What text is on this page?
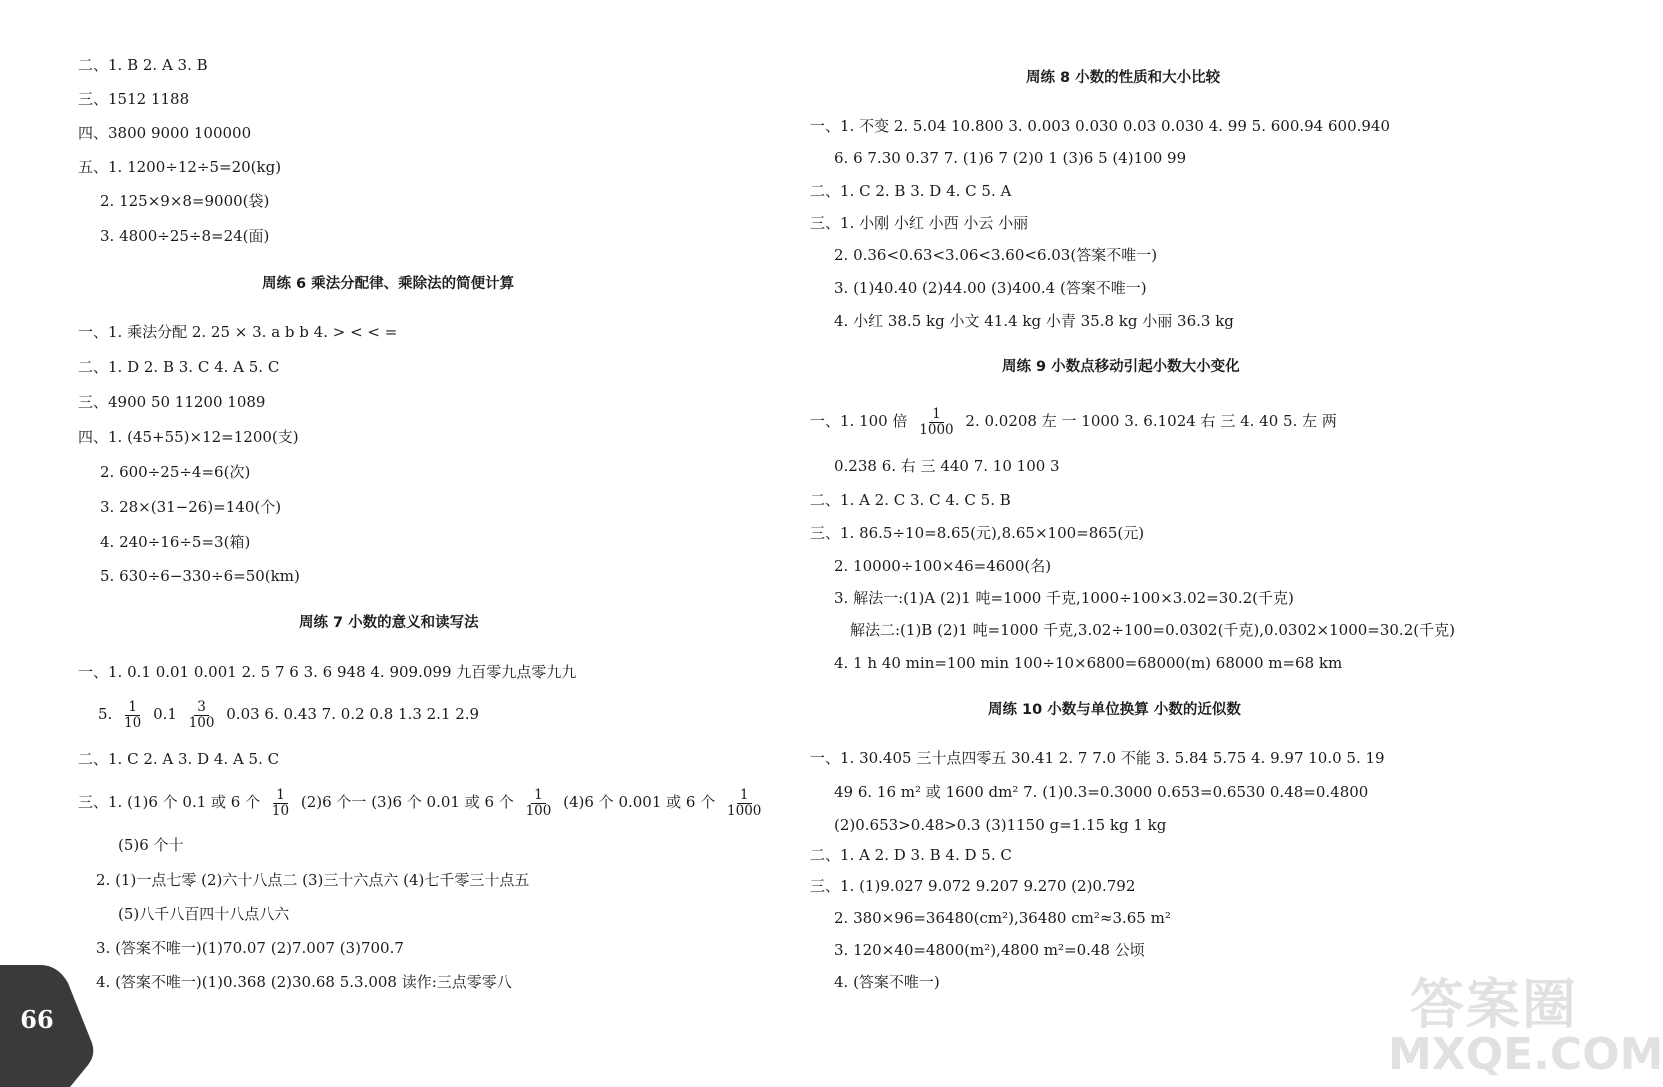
二、1. B 2. A 3. B
三、1512 1188
四、3800 9000 100000
五、1. 1200÷12÷5=20(kg)
2. 125×9×8=9000(袋)
3. 4800÷25÷8=24(面)
周练 6 乘法分配律、乘除法的简便计算
一、1. 乘法分配 2. 25 × 3. a b b 4. > < < =
二、1. D 2. B 3. C 4. A 5. C
三、4900 50 11200 1089
四、1. (45+55)×12=1200(支)
2. 600÷25÷4=6(次)
3. 28×(31−26)=140(个)
4. 240÷16÷5=3(箱)
5. 630÷6−330÷6=50(km)
周练 7 小数的意义和读写法
一、1. 0.1 0.01 0.001 2. 5 7 6 3. 6 948 4. 909.099 九百零九点零九九
5. $\frac{1}{10} 0.1 \frac{3}{100} 0.03$ 6. 0.43 7. 0.2 0.8 1.3 2.1 2.9
二、1. C 2. A 3. D 4. A 5. C
三、1. (1)6 个 0.1 或 6 个 $\frac{1}{10} (2)6$ 个一 (3)6 个 0.01 或 6 个 $\frac{1}{100} (4)6$ 个 0.001 或 6 个 $\frac{1}{1000}$
(5)6 个十
2. (1)一点七零 (2)六十八点二 (3)三十六点六 (4)七千零三十点五
(5)八千八百四十八点八六
3. (答案不唯一)(1)70.07 (2)7.007 (3)700.7
4. (答案不唯一)(1)0.368 (2)30.68 5.3.008 读作:三点零零八
周练 8 小数的性质和大小比较
一、1. 不变 2. 5.04 10.800 3. 0.003 0.030 0.03 0.030 4. 99 5. 600.94 600.940
6. 6 7.30 0.37 7. (1)6 7 (2)0 1 (3)6 5 (4)100 99
二、1. C 2. B 3. D 4. C 5. A
三、1. 小刚 小红 小西 小云 小丽
2. 0.36<0.63<3.06<3.60<6.03(答案不唯一)
3. (1)40.40 (2)44.00 (3)400.4 (答案不唯一)
4. 小红 38.5 kg 小文 41.4 kg 小青 35.8 kg 小丽 36.3 kg
周练 9 小数点移动引起小数大小变化
一、1. 100 倍 $\frac{1}{1000} 2$. 0.0208 左 一 1000 3. 6.1024 右 三 4. 40 5. 左 两
0.238 6. 右 三 440 7. 10 100 3
二、1. A 2. C 3. C 4. C 5. B
三、1. 86.5÷10=8.65(元),8.65×100=865(元)
2. 10000÷100×46=4600(名)
3. 解法一:(1)A (2)1 吨=1000 千克,1000÷100×3.02=30.2(千克)
解法二:(1)B (2)1 吨=1000 千克,3.02÷100=0.0302(千克),0.0302×1000=30.2(千克)
4. 1 h 40 min=100 min 100÷10×6800=68000(m) 68000 m=68 km
周练 10 小数与单位换算 小数的近似数
一、1. 30.405 三十点四零五 30.41 2. 7 7.0 不能 3. 5.84 5.75 4. 9.97 10.0 5. 19
49 6. 16 m² 或 1600 dm² 7. (1)0.3=0.3000 0.653=0.6530 0.48=0.4800
(2)0.653>0.48>0.3 (3)1150 g=1.15 kg 1 kg
二、1. A 2. D 3. B 4. D 5. C
三、1. (1)9.027 9.072 9.207 9.270 (2)0.792
2. 380×96=36480(cm²),36480 cm²≈3.65 m²
3. 120×40=4800(m²),4800 m²=0.48 公顷
4. (答案不唯一)
66	答案圈
MXQE.COM
